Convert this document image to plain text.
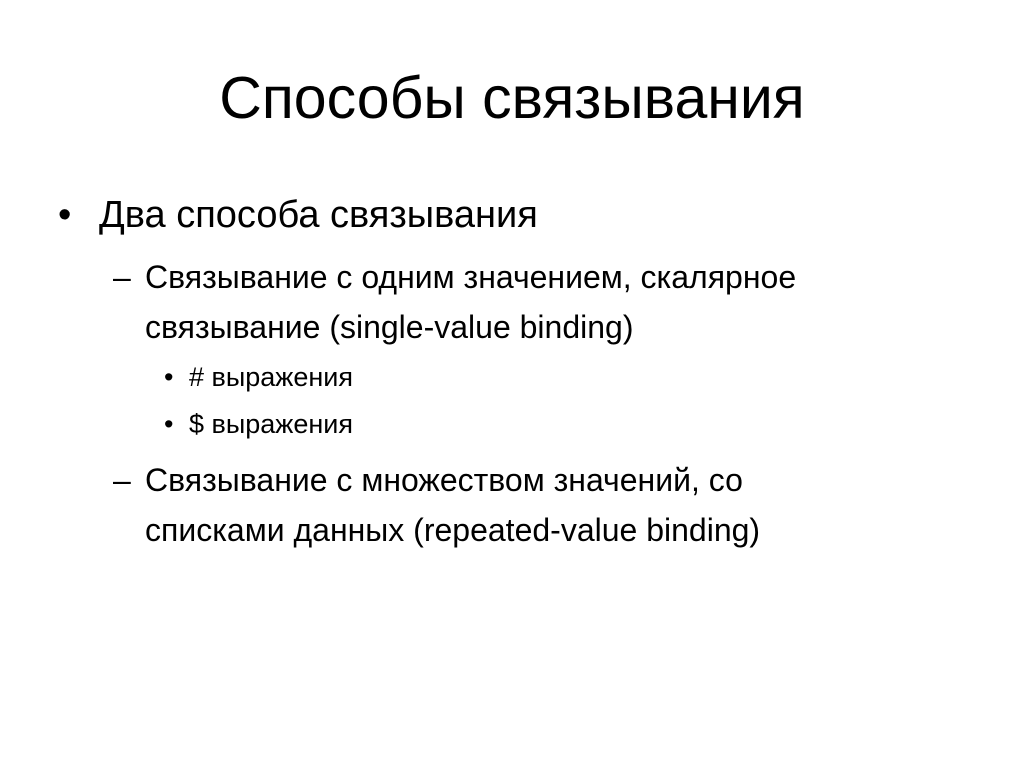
Способы связывания
• Два способа связывания
– Связывание с одним значением, скалярное
связывание (single-value binding)
• # выражения
• $ выражения
– Связывание с множеством значений, со
списками данных (repeated-value binding)
